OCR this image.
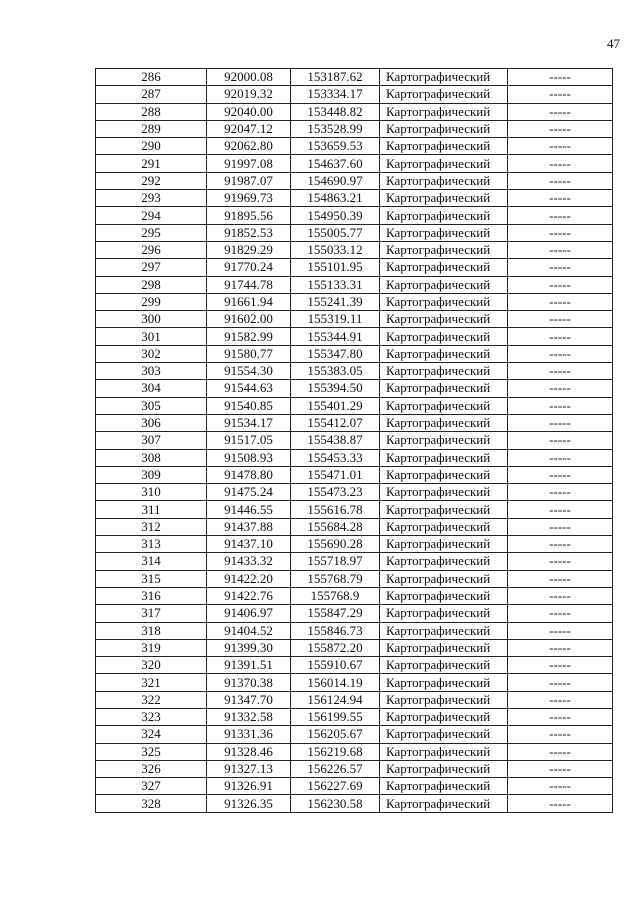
47
286	92000.08	153187.62	Картографический	-----
287	92019.32	153334.17	Картографический	-----
288	92040.00	153448.82	Картографический	-----
289	92047.12	153528.99	Картографический	-----
290	92062.80	153659.53	Картографический	-----
291	91997.08	154637.60	Картографический	-----
292	91987.07	154690.97	Картографический	-----
293	91969.73	154863.21	Картографический	-----
294	91895.56	154950.39	Картографический	-----
295	91852.53	155005.77	Картографический	-----
296	91829.29	155033.12	Картографический	-----
297	91770.24	155101.95	Картографический	-----
298	91744.78	155133.31	Картографический	-----
299	91661.94	155241.39	Картографический	-----
300	91602.00	155319.11	Картографический	-----
301	91582.99	155344.91	Картографический	-----
302	91580.77	155347.80	Картографический	-----
303	91554.30	155383.05	Картографический	-----
304	91544.63	155394.50	Картографический	-----
305	91540.85	155401.29	Картографический	-----
306	91534.17	155412.07	Картографический	-----
307	91517.05	155438.87	Картографический	-----
308	91508.93	155453.33	Картографический	-----
309	91478.80	155471.01	Картографический	-----
310	91475.24	155473.23	Картографический	-----
311	91446.55	155616.78	Картографический	-----
312	91437.88	155684.28	Картографический	-----
313	91437.10	155690.28	Картографический	-----
314	91433.32	155718.97	Картографический	-----
315	91422.20	155768.79	Картографический	-----
316	91422.76	155768.9	Картографический	-----
317	91406.97	155847.29	Картографический	-----
318	91404.52	155846.73	Картографический	-----
319	91399.30	155872.20	Картографический	-----
320	91391.51	155910.67	Картографический	-----
321	91370.38	156014.19	Картографический	-----
322	91347.70	156124.94	Картографический	-----
323	91332.58	156199.55	Картографический	-----
324	91331.36	156205.67	Картографический	-----
325	91328.46	156219.68	Картографический	-----
326	91327.13	156226.57	Картографический	-----
327	91326.91	156227.69	Картографический	-----
328	91326.35	156230.58	Картографический	-----
